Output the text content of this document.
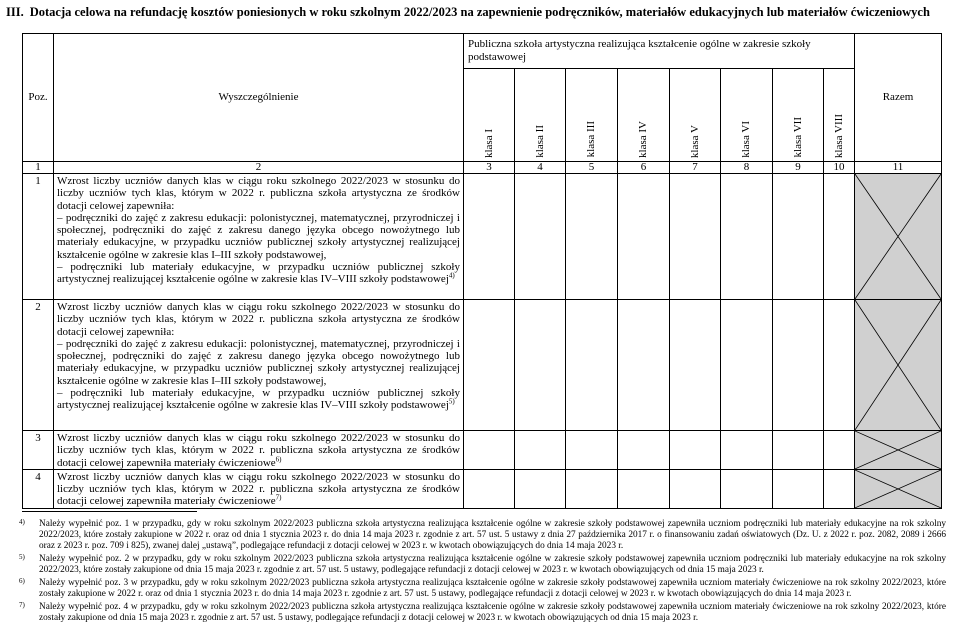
III. Dotacja celowa na refundację kosztów poniesionych w roku szkolnym 2022/2023 na zapewnienie podręczników, materiałów edukacyjnych lub materiałów ćwiczeniowych
Poz.	Wyszczególnienie	Publiczna szkoła artystyczna realizująca kształcenie ogólne w zakresie szkoły podstawowej								Razem
		klasa I	klasa II	klasa III	klasa IV	klasa V	klasa VI	klasa VII	klasa VIII	
1	2	3	4	5	6	7	8	9	10	11
1	Wzrost liczby uczniów danych klas w ciągu roku szkolnego 2022/2023 w stosunku do liczby uczniów tych klas, którym w 2022 r. publiczna szkoła artystyczna ze środków dotacji celowej zapewniła:

– podręczniki do zajęć z zakresu edukacji: polonistycznej, matematycznej, przyrodniczej i społecznej, podręczniki do zajęć z zakresu danego języka obcego nowożytnego lub materiały edukacyjne, w przypadku uczniów publicznej szkoły artystycznej realizującej kształcenie ogólne w zakresie klas I–III szkoły podstawowej,

– podręczniki lub materiały edukacyjne, w przypadku uczniów publicznej szkoły artystycznej realizującej kształcenie ogólne w zakresie klas IV–VIII szkoły podstawowej$^{4)}$

2	Wzrost liczby uczniów danych klas w ciągu roku szkolnego 2022/2023 w stosunku do liczby uczniów tych klas, którym w 2022 r. publiczna szkoła artystyczna ze środków dotacji celowej zapewniła:

– podręczniki do zajęć z zakresu edukacji: polonistycznej, matematycznej, przyrodniczej i społecznej, podręczniki do zajęć z zakresu danego języka obcego nowożytnego lub materiały edukacyjne, w przypadku uczniów publicznej szkoły artystycznej realizującej kształcenie ogólne w zakresie klas I–III szkoły podstawowej,

– podręczniki lub materiały edukacyjne, w przypadku uczniów publicznej szkoły artystycznej realizującej kształcenie ogólne w zakresie klas IV–VIII szkoły podstawowej$^{5)}$

3	Wzrost liczby uczniów danych klas w ciągu roku szkolnego 2022/2023 w stosunku do liczby uczniów tych klas, którym w 2022 r. publiczna szkoła artystyczna ze środków dotacji celowej zapewniła materiały ćwiczeniowe$^{6)}$

4	Wzrost liczby uczniów danych klas w ciągu roku szkolnego 2022/2023 w stosunku do liczby uczniów tych klas, którym w 2022 r. publiczna szkoła artystyczna ze środków dotacji celowej zapewniła materiały ćwiczeniowe$^{7)}$

4) Należy wypełnić poz. 1 w przypadku, gdy w roku szkolnym 2022/2023 publiczna szkoła artystyczna realizująca kształcenie ogólne w zakresie szkoły podstawowej zapewniła uczniom podręczniki lub materiały edukacyjne na rok szkolny 2022/2023, które zostały zakupione w 2022 r. oraz od dnia 1 stycznia 2023 r. do dnia 14 maja 2023 r. zgodnie z art. 57 ust. 5 ustawy z dnia 27 października 2017 r. o finansowaniu zadań oświatowych (Dz. U. z 2022 r. poz. 2082, 2089 i 2666 oraz z 2023 r. poz. 709 i 825), zwanej dalej „ustawą”, podlegające refundacji z dotacji celowej w 2023 r. w kwotach obowiązujących do dnia 14 maja 2023 r.
5) Należy wypełnić poz. 2 w przypadku, gdy w roku szkolnym 2022/2023 publiczna szkoła artystyczna realizująca kształcenie ogólne w zakresie szkoły podstawowej zapewniła uczniom podręczniki lub materiały edukacyjne na rok szkolny 2022/2023, które zostały zakupione od dnia 15 maja 2023 r. zgodnie z art. 57 ust. 5 ustawy, podlegające refundacji z dotacji celowej w 2023 r. w kwotach obowiązujących od dnia 15 maja 2023 r.
6) Należy wypełnić poz. 3 w przypadku, gdy w roku szkolnym 2022/2023 publiczna szkoła artystyczna realizująca kształcenie ogólne w zakresie szkoły podstawowej zapewniła uczniom materiały ćwiczeniowe na rok szkolny 2022/2023, które zostały zakupione w 2022 r. oraz od dnia 1 stycznia 2023 r. do dnia 14 maja 2023 r. zgodnie z art. 57 ust. 5 ustawy, podlegające refundacji z dotacji celowej w 2023 r. w kwotach obowiązujących do dnia 14 maja 2023 r.
7) Należy wypełnić poz. 4 w przypadku, gdy w roku szkolnym 2022/2023 publiczna szkoła artystyczna realizująca kształcenie ogólne w zakresie szkoły podstawowej zapewniła uczniom materiały ćwiczeniowe na rok szkolny 2022/2023, które zostały zakupione od dnia 15 maja 2023 r. zgodnie z art. 57 ust. 5 ustawy, podlegające refundacji z dotacji celowej w 2023 r. w kwotach obowiązujących od dnia 15 maja 2023 r.
